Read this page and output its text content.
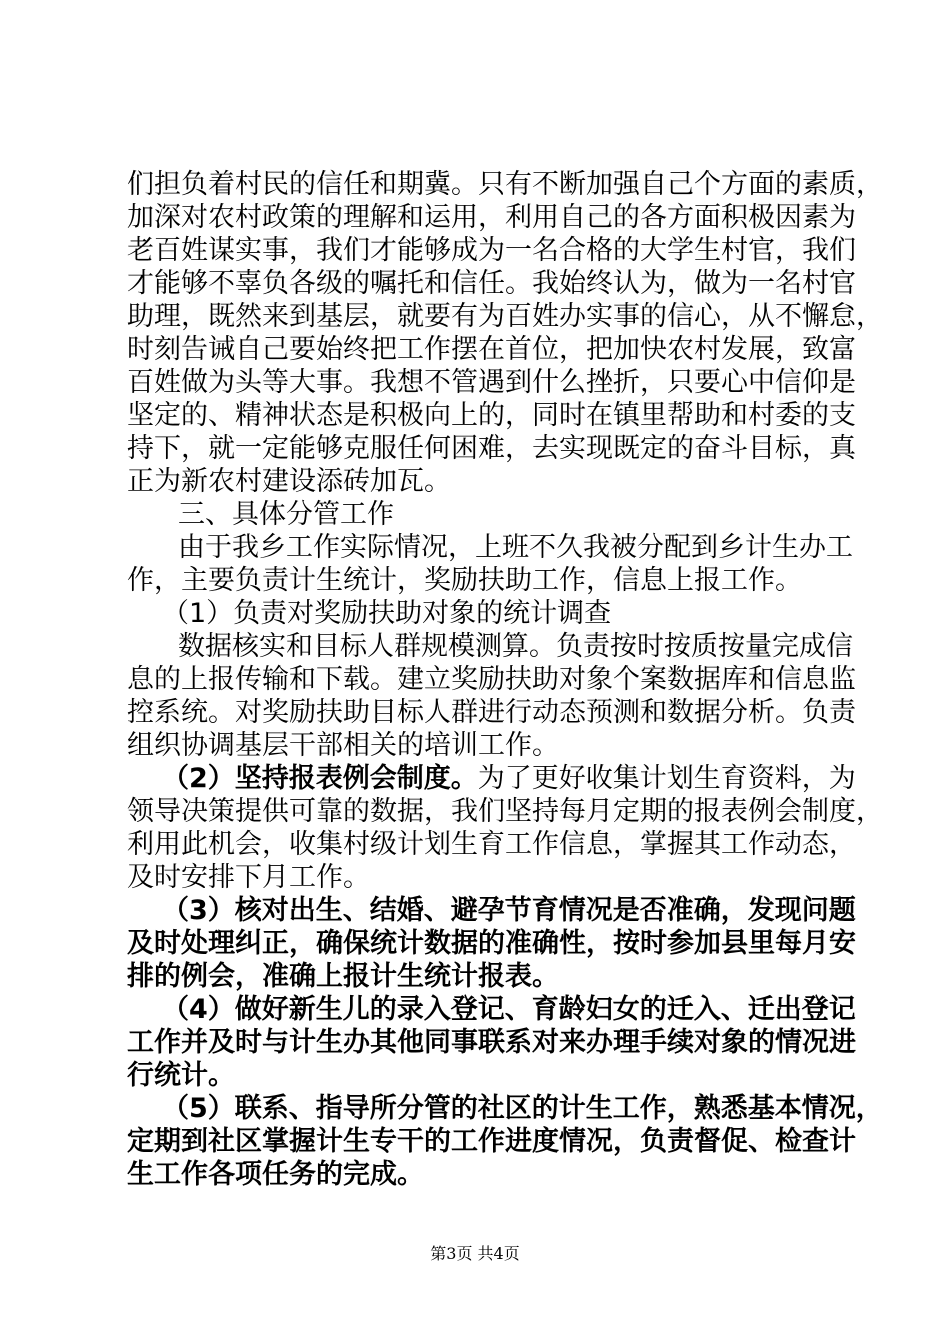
们担负着村民的信任和期冀。只有不断加强自己个方面的素质，
加深对农村政策的理解和运用，利用自己的各方面积极因素为
老百姓谋实事，我们才能够成为一名合格的大学生村官，我们
才能够不辜负各级的嘱托和信任。我始终认为，做为一名村官
助理，既然来到基层，就要有为百姓办实事的信心，从不懈怠，
时刻告诫自己要始终把工作摆在首位，把加快农村发展，致富
百姓做为头等大事。我想不管遇到什么挫折，只要心中信仰是
坚定的、精神状态是积极向上的，同时在镇里帮助和村委的支
持下，就一定能够克服任何困难，去实现既定的奋斗目标，真
正为新农村建设添砖加瓦。
三、具体分管工作
由于我乡工作实际情况，上班不久我被分配到乡计生办工
作，主要负责计生统计，奖励扶助工作，信息上报工作。
（1）负责对奖励扶助对象的统计调查
数据核实和目标人群规模测算。负责按时按质按量完成信
息的上报传输和下载。建立奖励扶助对象个案数据库和信息监
控系统。对奖励扶助目标人群进行动态预测和数据分析。负责
组织协调基层干部相关的培训工作。
（2）坚持报表例会制度。 为了更好收集计划生育资料，为
领导决策提供可靠的数据，我们坚持每月定期的报表例会制度，
利用此机会，收集村级计划生育工作信息，掌握其工作动态，
及时安排下月工作。
（3）核对出生、结婚、避孕节育情况是否准确，发现问题
及时处理纠正，确保统计数据的准确性，按时参加县里每月安
排的例会，准确上报计生统计报表。
（4）做好新生儿的录入登记、育龄妇女的迁入、迁出登记
工作并及时与计生办其他同事联系对来办理手续对象的情况进
行统计。
（5）联系、指导所分管的社区的计生工作，熟悉基本情况，
定期到社区掌握计生专干的工作进度情况，负责督促、检查计
生工作各项任务的完成。
第3页 共4页
